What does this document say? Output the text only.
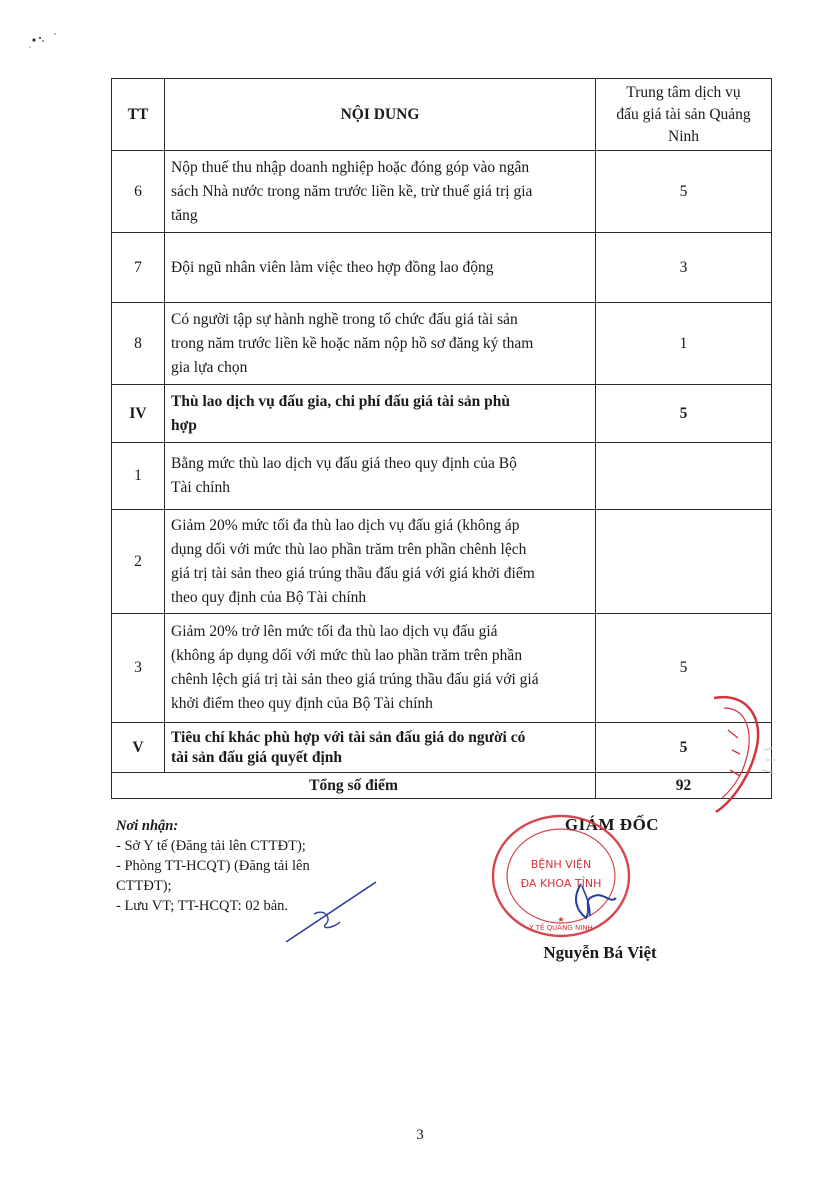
TT	NỘI DUNG	Trung tâm dịch vụ
đấu giá tài sản Quảng
Ninh

6	Nộp thuế thu nhập doanh nghiệp hoặc đóng góp vào ngân
sách Nhà nước trong năm trước liền kề, trừ thuế giá trị gia
tăng	5
7	Đội ngũ nhân viên làm việc theo hợp đồng lao động	3
8	Có người tập sự hành nghề trong tổ chức đấu giá tài sản
trong năm trước liền kề hoặc năm nộp hồ sơ đăng ký tham
gia lựa chọn	1
IV	Thù lao dịch vụ đấu gia, chi phí đấu giá tài sản phù
hợp	5
1	Bằng mức thù lao dịch vụ đấu giá theo quy định của Bộ
Tài chính	

2	Giảm 20% mức tối đa thù lao dịch vụ đấu giá (không áp
dụng dối với mức thù lao phần trăm trên phần chênh lệch
giá trị tài sản theo giá trúng thầu đấu giá với giá khởi điểm
theo quy định của Bộ Tài chính	

3	Giảm 20% trở lên mức tối đa thù lao dịch vụ đấu giá
(không áp dụng dối với mức thù lao phần trăm trên phần
chênh lệch giá trị tài sản theo giá trúng thầu đấu giá với giá
khởi điểm theo quy định của Bộ Tài chính	5
V	Tiêu chí khác phù hợp với tài sản đấu giá do người có
tài sản đấu giá quyết định	5
Tổng số điểm		92
Nơi nhận:
- Sở Y tế (Đăng tải lên CTTĐT);
- Phòng TT-HCQT) (Đăng tải lên
CTTĐT);
- Lưu VT; TT-HCQT: 02 bản.
GIÁM ĐỐC
Nguyễn Bá Việt
BỆNH VIỆN
ĐA KHOA TỈNH
Y TẾ QUẢNG NINH
★
3
